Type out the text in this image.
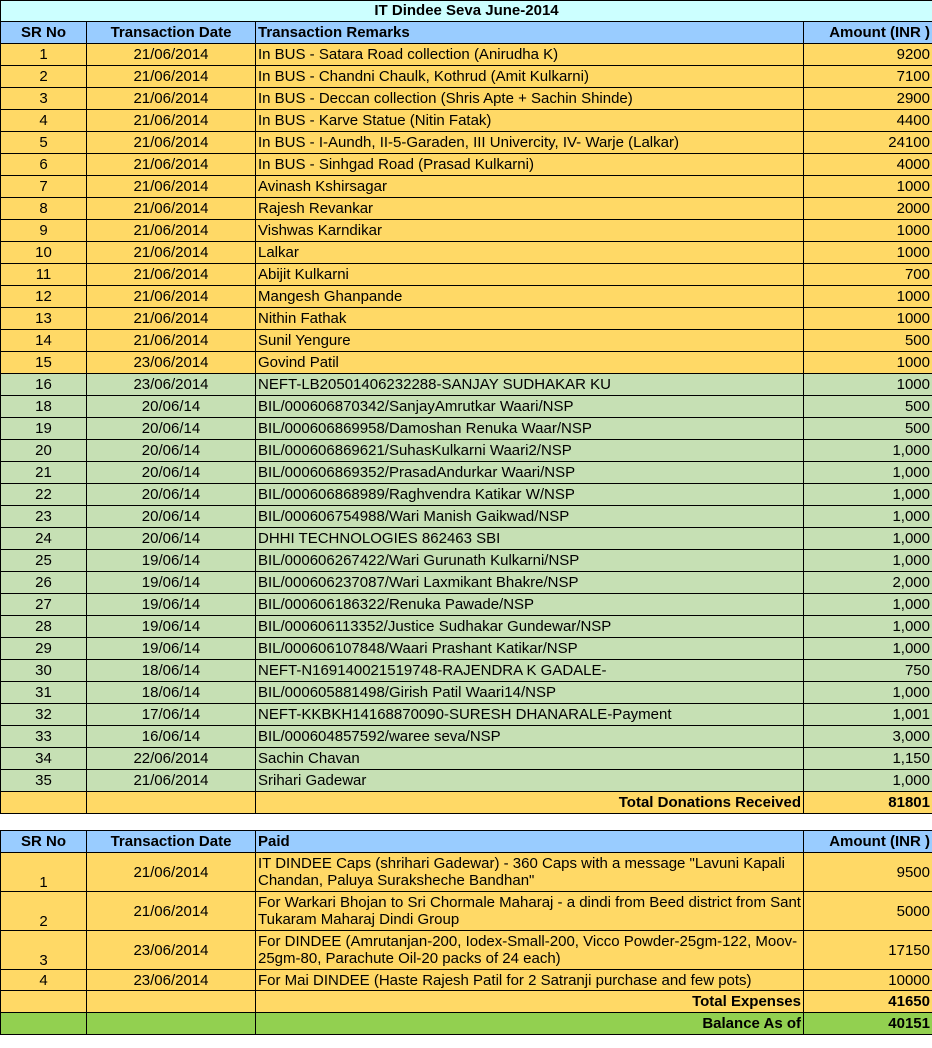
IT Dindee Seva June-2014			
SR No	Transaction Date	Transaction Remarks	Amount (INR )
1	21/06/2014	In BUS - Satara Road collection (Anirudha K)	9200
2	21/06/2014	In BUS - Chandni Chaulk, Kothrud (Amit Kulkarni)	7100
3	21/06/2014	In BUS - Deccan collection (Shris Apte + Sachin Shinde)	2900
4	21/06/2014	In BUS - Karve Statue (Nitin Fatak)	4400
5	21/06/2014	In BUS - I-Aundh, II-5-Garaden, III Univercity, IV- Warje (Lalkar)	24100
6	21/06/2014	In BUS - Sinhgad Road (Prasad Kulkarni)	4000
7	21/06/2014	Avinash Kshirsagar	1000
8	21/06/2014	Rajesh Revankar	2000
9	21/06/2014	Vishwas Karndikar	1000
10	21/06/2014	Lalkar	1000
11	21/06/2014	Abijit Kulkarni	700
12	21/06/2014	Mangesh Ghanpande	1000
13	21/06/2014	Nithin Fathak	1000
14	21/06/2014	Sunil Yengure	500
15	23/06/2014	Govind Patil	1000
16	23/06/2014	NEFT-LB20501406232288-SANJAY SUDHAKAR KU	1000
18	20/06/14	BIL/000606870342/SanjayAmrutkar Waari/NSP	500
19	20/06/14	BIL/000606869958/Damoshan Renuka Waar/NSP	500
20	20/06/14	BIL/000606869621/SuhasKulkarni Waari2/NSP	1,000
21	20/06/14	BIL/000606869352/PrasadAndurkar Waari/NSP	1,000
22	20/06/14	BIL/000606868989/Raghvendra Katikar W/NSP	1,000
23	20/06/14	BIL/000606754988/Wari Manish Gaikwad/NSP	1,000
24	20/06/14	DHHI TECHNOLOGIES 862463 SBI	1,000
25	19/06/14	BIL/000606267422/Wari Gurunath Kulkarni/NSP	1,000
26	19/06/14	BIL/000606237087/Wari Laxmikant Bhakre/NSP	2,000
27	19/06/14	BIL/000606186322/Renuka Pawade/NSP	1,000
28	19/06/14	BIL/000606113352/Justice Sudhakar Gundewar/NSP	1,000
29	19/06/14	BIL/000606107848/Waari Prashant Katikar/NSP	1,000
30	18/06/14	NEFT-N169140021519748-RAJENDRA K GADALE-	750
31	18/06/14	BIL/000605881498/Girish Patil Waari14/NSP	1,000
32	17/06/14	NEFT-KKBKH14168870090-SURESH DHANARALE-Payment	1,001
33	16/06/14	BIL/000604857592/waree seva/NSP	3,000
34	22/06/2014	Sachin Chavan	1,150
35	21/06/2014	Srihari Gadewar	1,000
		Total Donations Received	81801

SR No	Transaction Date	Paid	Amount (INR )
1	21/06/2014	IT DINDEE Caps (shrihari Gadewar) - 360 Caps with a message "Lavuni Kapali Chandan, Paluya Suraksheche Bandhan"	9500
2	21/06/2014	For Warkari Bhojan to Sri Chormale Maharaj - a dindi from Beed district from Sant Tukaram Maharaj Dindi Group	5000
3	23/06/2014	For DINDEE (Amrutanjan-200, Iodex-Small-200, Vicco Powder-25gm-122, Moov-25gm-80, Parachute Oil-20 packs of 24 each)	17150
4	23/06/2014	For Mai DINDEE (Haste Rajesh Patil for 2 Satranji purchase and few pots)	10000
		Total Expenses	41650
		Balance As of	40151
